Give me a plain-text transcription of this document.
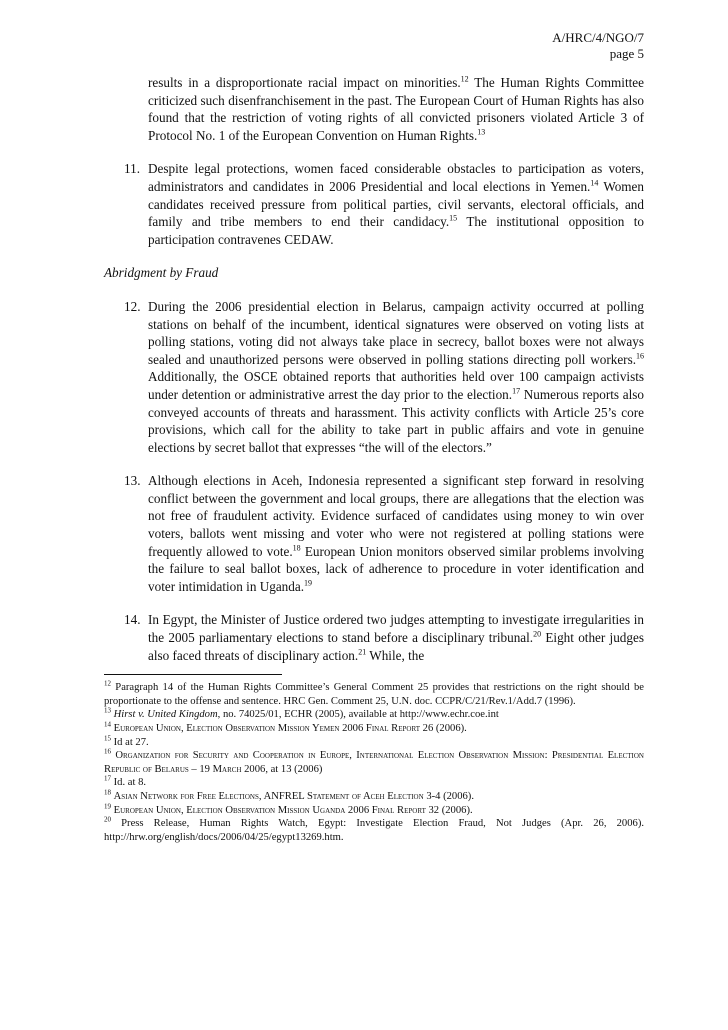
A/HRC/4/NGO/7
page 5

results in a disproportionate racial impact on minorities.$^{12}$ The Human Rights Committee criticized such disenfranchisement in the past. The European Court of Human Rights has also found that the restriction of voting rights of all convicted prisoners violated Article 3 of Protocol No. 1 of the European Convention on Human Rights.$^{13}$

11. Despite legal protections, women faced considerable obstacles to participation as voters, administrators and candidates in 2006 Presidential and local elections in Yemen.$^{14}$ Women candidates received pressure from political parties, civil servants, electoral officials, and family and tribe members to end their candidacy.$^{15}$ The institutional opposition to participation contravenes CEDAW.
Abridgment by Fraud
12. During the 2006 presidential election in Belarus, campaign activity occurred at polling stations on behalf of the incumbent, identical signatures were observed on voting lists at polling stations, voting did not always take place in secrecy, ballot boxes were not always sealed and unauthorized persons were observed in polling stations directing poll workers.$^{16}$ Additionally, the OSCE obtained reports that authorities held over 100 campaign activists under detention or administrative arrest the day prior to the election.$^{17}$ Numerous reports also conveyed accounts of threats and harassment. This activity conflicts with Article 25’s core provisions, which call for the ability to take part in public affairs and vote in genuine elections by secret ballot that expresses “the will of the electors.”
13. Although elections in Aceh, Indonesia represented a significant step forward in resolving conflict between the government and local groups, there are allegations that the election was not free of fraudulent activity. Evidence surfaced of candidates using money to win over voters, ballots went missing and voter who were not registered at polling stations were frequently allowed to vote.$^{18}$ European Union monitors observed similar problems involving the failure to seal ballot boxes, lack of adherence to procedure in voter identification and voter intimidation in Uganda.$^{19}$
14. In Egypt, the Minister of Justice ordered two judges attempting to investigate irregularities in the 2005 parliamentary elections to stand before a disciplinary tribunal.$^{20}$ Eight other judges also faced threats of disciplinary action.$^{21}$ While, the

$^{12}$ Paragraph 14 of the Human Rights Committee’s General Comment 25 provides that restrictions on the right should be proportionate to the offense and sentence. HRC Gen. Comment 25, U.N. doc. CCPR/C/21/Rev.1/Add.7 (1996).

$^{13}$ Hirst v. United Kingdom, no. 74025/01, ECHR (2005), available at http://www.echr.coe.int

$^{14}$ European Union, Election Observation Mission Yemen 2006 Final Report 26 (2006).

$^{15}$ Id at 27.

$^{16}$ Organization for Security and Cooperation in Europe, International Election Observation Mission: Presidential Election Republic of Belarus – 19 March 2006, at 13 (2006)

$^{17}$ Id. at 8.

$^{18}$ Asian Network for Free Elections, ANFREL Statement of Aceh Election 3-4 (2006).

$^{19}$ European Union, Election Observation Mission Uganda 2006 Final Report 32 (2006).

$^{20}$ Press Release, Human Rights Watch, Egypt: Investigate Election Fraud, Not Judges (Apr. 26, 2006). http://hrw.org/english/docs/2006/04/25/egypt13269.htm.
